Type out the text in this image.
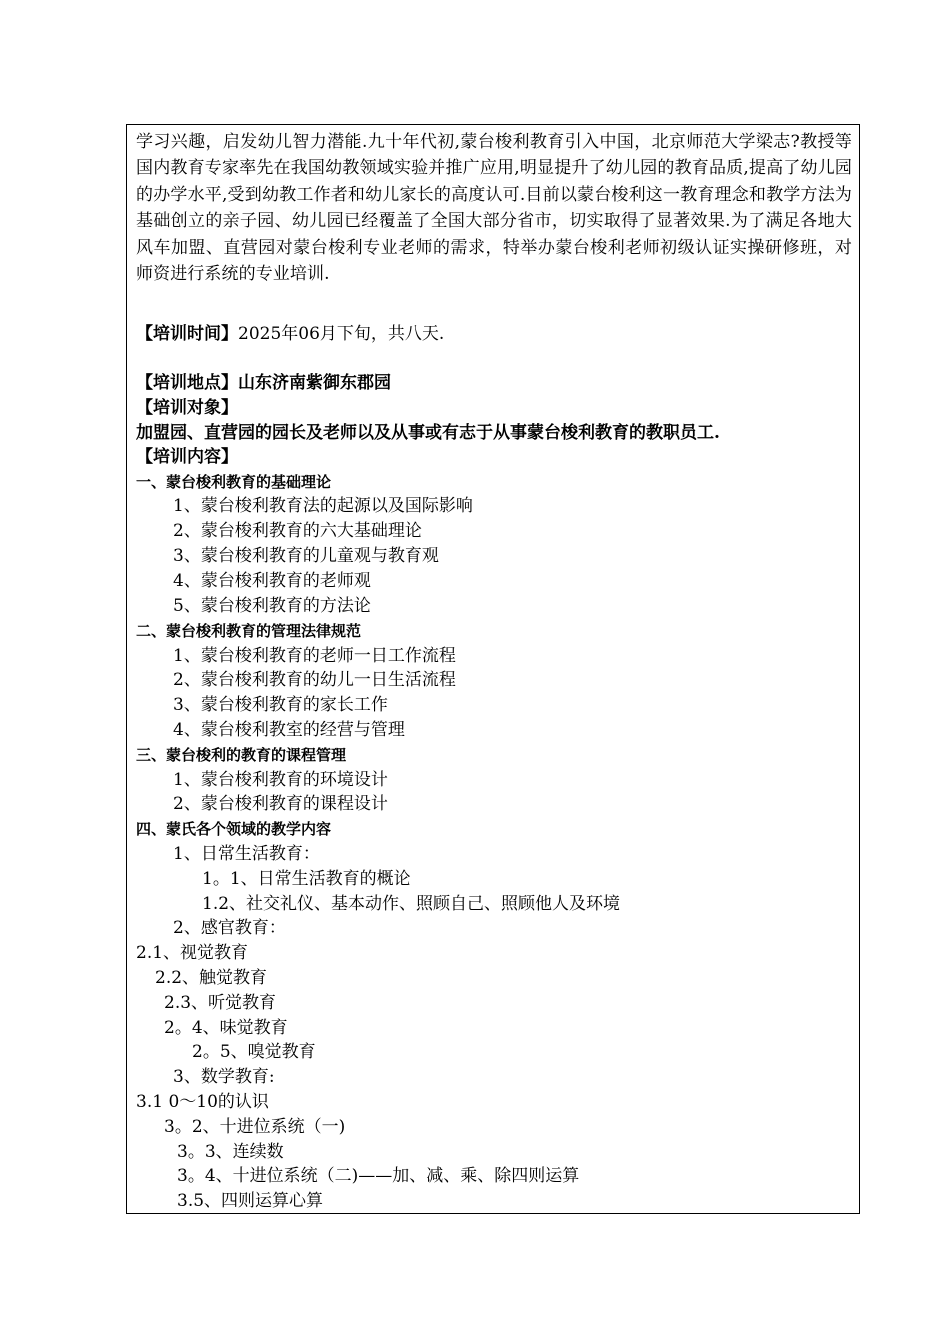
学习兴趣，启发幼儿智力潜能.九十年代初,蒙台梭利教育引入中国，北京师范大学梁志?教授等国内教育专家率先在我国幼教领域实验并推广应用,明显提升了幼儿园的教育品质,提高了幼儿园的办学水平,受到幼教工作者和幼儿家长的高度认可.目前以蒙台梭利这一教育理念和教学方法为基础创立的亲子园、幼儿园已经覆盖了全国大部分省市，切实取得了显著效果.为了满足各地大风车加盟、直营园对蒙台梭利专业老师的需求，特举办蒙台梭利老师初级认证实操研修班，对师资进行系统的专业培训.
【培训时间】2025年06月下旬，共八天.
【培训地点】山东济南紫御东郡园
【培训对象】
加盟园、直营园的园长及老师以及从事或有志于从事蒙台梭利教育的教职员工.
【培训内容】
一、蒙台梭利教育的基础理论
1、蒙台梭利教育法的起源以及国际影响
2、蒙台梭利教育的六大基础理论
3、蒙台梭利教育的儿童观与教育观
4、蒙台梭利教育的老师观
5、蒙台梭利教育的方法论
二、蒙台梭利教育的管理法律规范
1、蒙台梭利教育的老师一日工作流程
2、蒙台梭利教育的幼儿一日生活流程
3、蒙台梭利教育的家长工作
4、蒙台梭利教室的经营与管理
三、蒙台梭利的教育的课程管理
1、蒙台梭利教育的环境设计
2、蒙台梭利教育的课程设计
四、蒙氏各个领域的教学内容
1、日常生活教育：
1。1、日常生活教育的概论
1.2、社交礼仪、基本动作、照顾自己、照顾他人及环境
2、感官教育：
2.1、视觉教育
2.2、触觉教育
2.3、听觉教育
2。4、味觉教育
2。5、嗅觉教育
3、数学教育:
3.1 0～10的认识
3。2、十进位系统（一)
3。3、连续数
3。4、十进位系统（二)——加、减、乘、除四则运算
3.5、四则运算心算
